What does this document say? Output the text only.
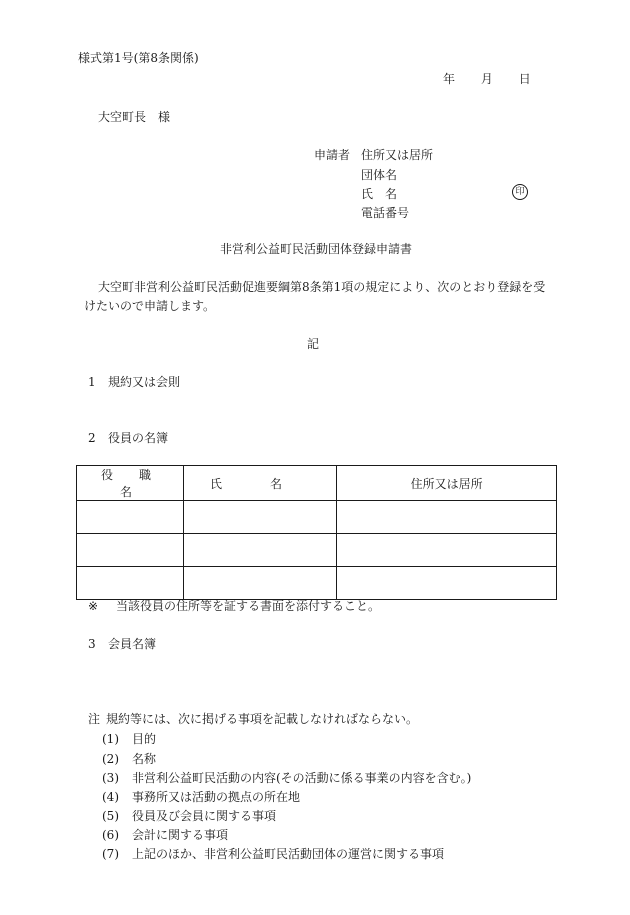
様式第1号(第8条関係)
年 月 日
大空町長　様
申請者 住所又は居所
団体名
氏　名
電話番号
印
非営利公益町民活動団体登録申請書
大空町非営利公益町民活動促進要綱第8条第1項の規定により、次のとおり登録を受けたいので申請します。
記
1 規約又は会則
2 役員の名簿
役職名	氏名	住所又は居所

※ 当該役員の住所等を証する書面を添付すること。
3 会員名簿
注 規約等には、次に掲げる事項を記載しなければならない。
(1) 目的
(2) 名称
(3) 非営利公益町民活動の内容(その活動に係る事業の内容を含む。)
(4) 事務所又は活動の拠点の所在地
(5) 役員及び会員に関する事項
(6) 会計に関する事項
(7) 上記のほか、非営利公益町民活動団体の運営に関する事項
